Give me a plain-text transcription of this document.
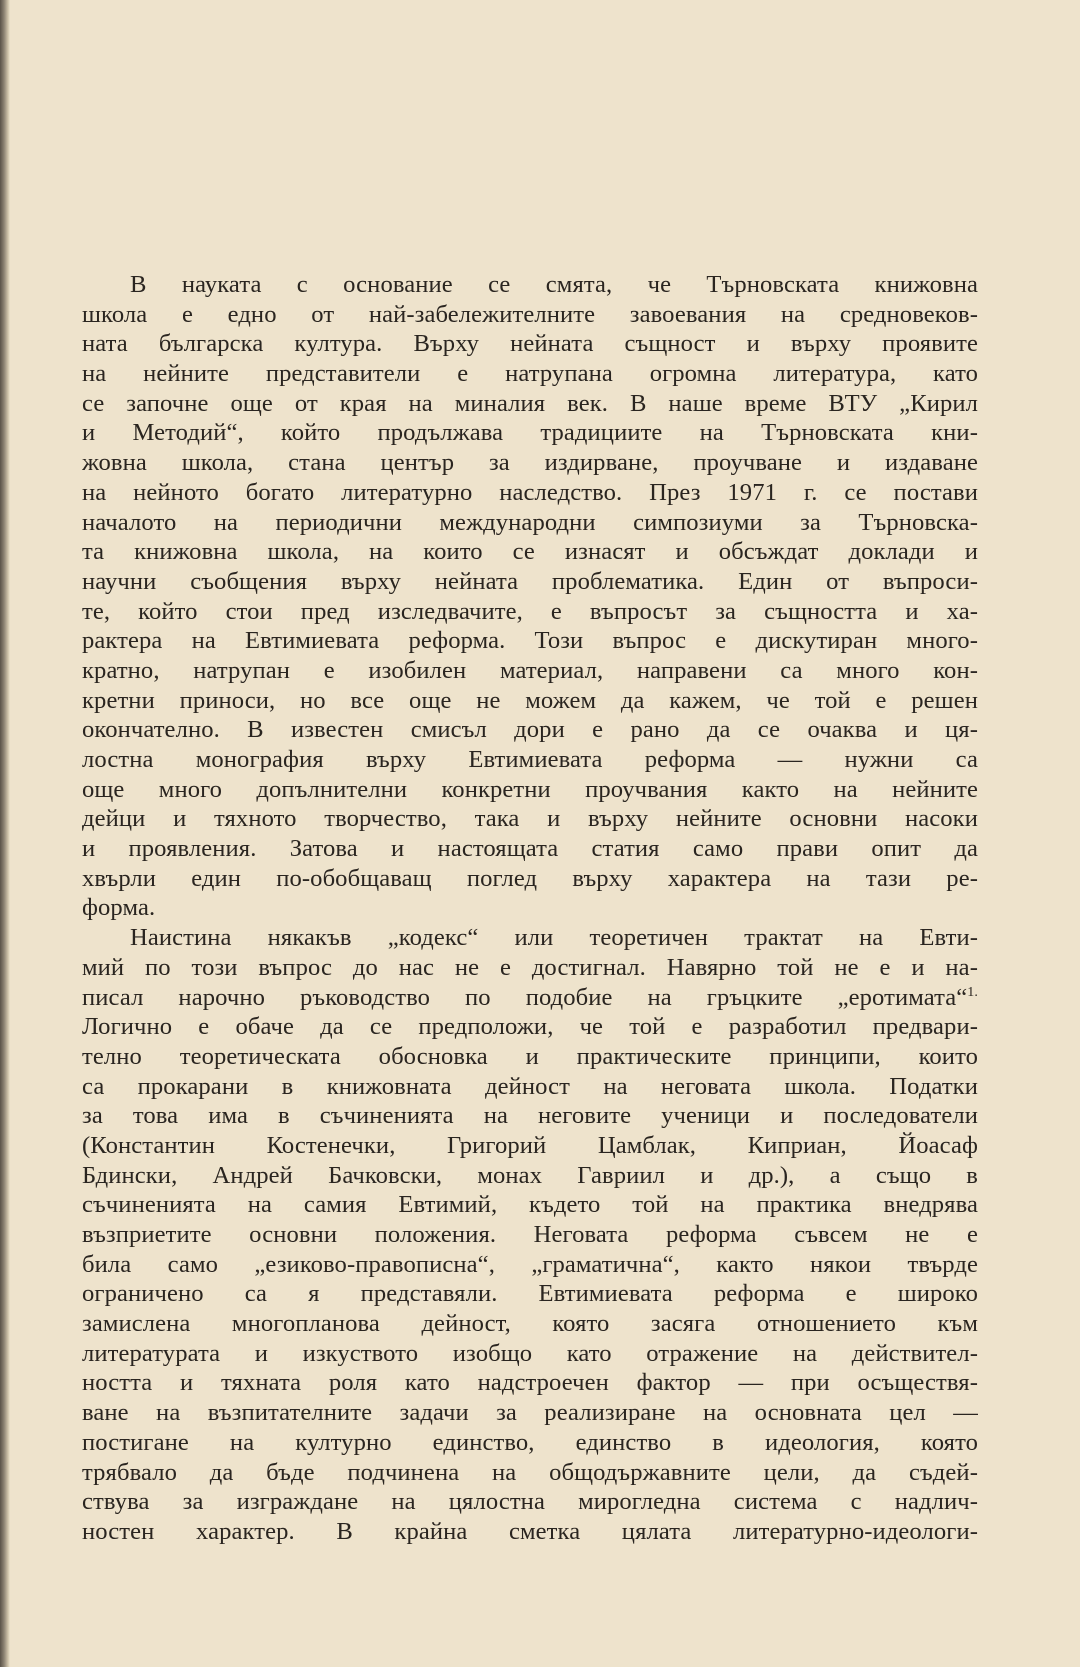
В науката с основание се смята, че Търновската книжовна
школа е едно от най-забележителните завоевания на средновеков-
ната българска култура. Върху нейната същност и върху проявите
на нейните представители е натрупана огромна литература, като
се започне още от края на миналия век. В наше време ВТУ „Кирил
и Методий“, който продължава традициите на Търновската кни-
жовна школа, стана център за издирване, проучване и издаване
на нейното богато литературно наследство. През 1971 г. се постави
началото на периодични международни симпозиуми за Търновска-
та книжовна школа, на които се изнасят и обсъждат доклади и
научни съобщения върху нейната проблематика. Един от въпроси-
те, който стои пред изследвачите, е въпросът за същността и ха-
рактера на Евтимиевата реформа. Този въпрос е дискутиран много-
кратно, натрупан е изобилен материал, направени са много кон-
кретни приноси, но все още не можем да кажем, че той е решен
окончателно. В известен смисъл дори е рано да се очаква и ця-
лостна монография върху Евтимиевата реформа — нужни са
още много допълнителни конкретни проучвания както на нейните
дейци и тяхното творчество, така и върху нейните основни насоки
и проявления. Затова и настоящата статия само прави опит да
хвърли един по-обобщаващ поглед върху характера на тази ре-
форма.
Наистина някакъв „кодекс“ или теоретичен трактат на Евти-
мий по този въпрос до нас не е достигнал. Навярно той не е и на-
писал нарочно ръководство по подобие на гръцките „еротимата“$^{1.}$
Логично е обаче да се предположи, че той е разработил предвари-
телно теоретическата обосновка и практическите принципи, които
са прокарани в книжовната дейност на неговата школа. Податки
за това има в съчиненията на неговите ученици и последователи
(Константин Костенечки, Григорий Цамблак, Киприан, Йоасаф
Бдински, Андрей Бачковски, монах Гавриил и др.), а също в
съчиненията на самия Евтимий, където той на практика внедрява
възприетите основни положения. Неговата реформа съвсем не е
била само „езиково-правописна“, „граматична“, както някои твърде
ограничено са я представяли. Евтимиевата реформа е широко
замислена многопланова дейност, която засяга отношението към
литературата и изкуството изобщо като отражение на действител-
ността и тяхната роля като надстроечен фактор — при осъществя-
ване на възпитателните задачи за реализиране на основната цел —
постигане на културно единство, единство в идеология, която
трябвало да бъде подчинена на общодържавните цели, да съдей-
ствува за изграждане на цялостна мирогледна система с надлич-
ностен характер. В крайна сметка цялата литературно-идеологи-
